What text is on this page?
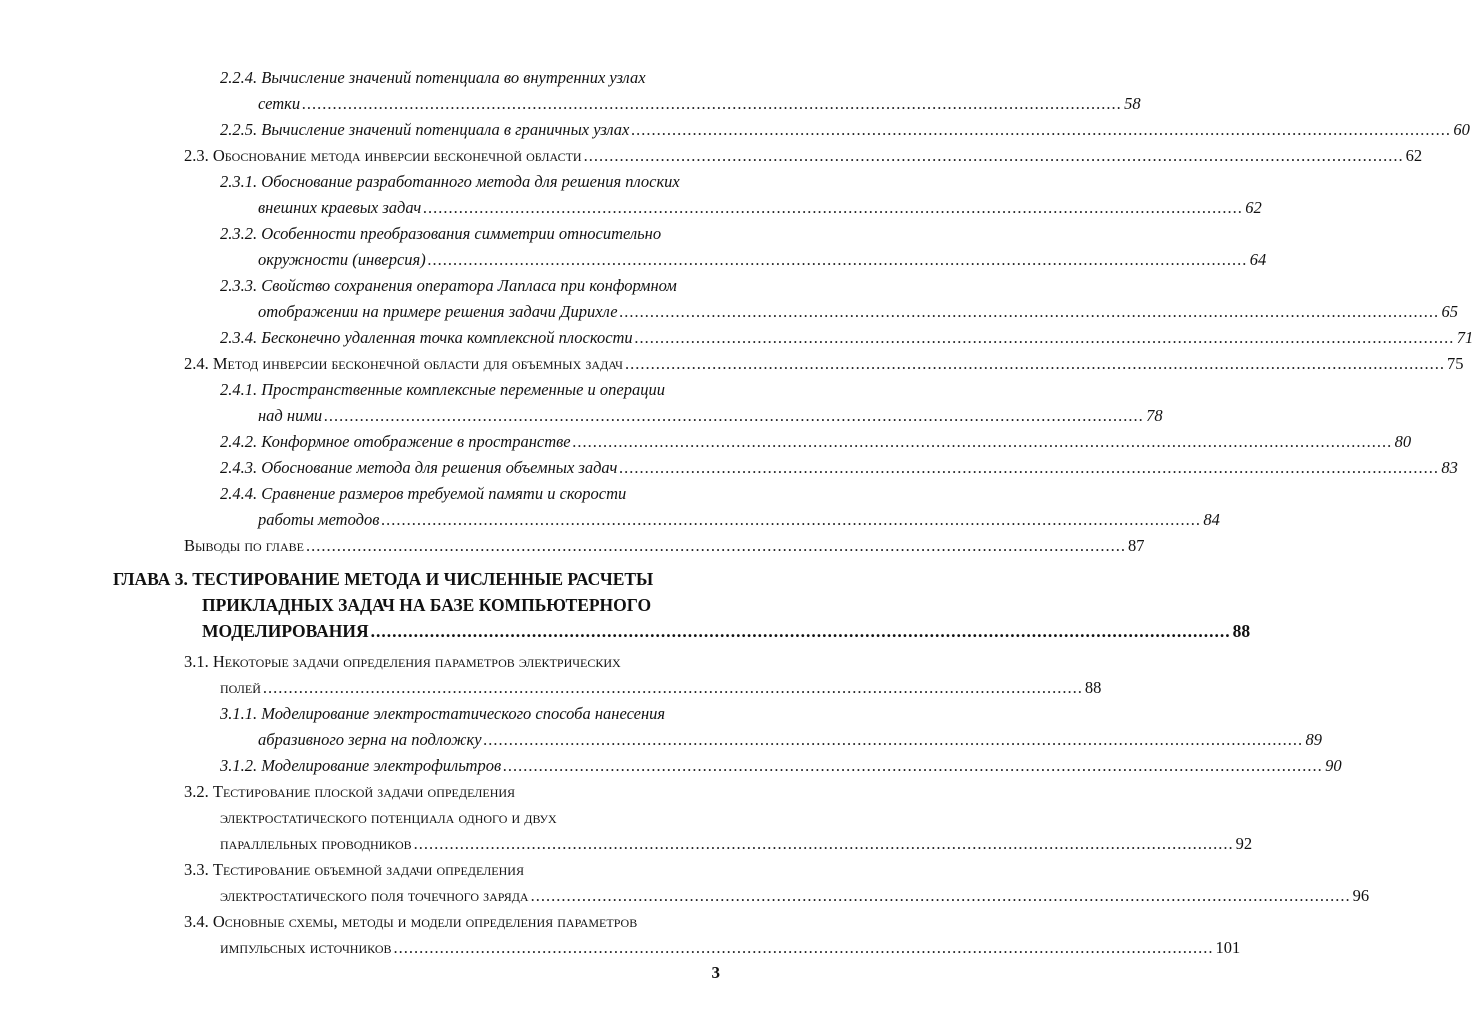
2.2.4. Вычисление значений потенциала во внутренних узлах
сетки ................................................................................................................................................................ 58
2.2.5. Вычисление значений потенциала в граничных узлах ................................................................................................................................................................ 60
2.3. Обоснование метода инверсии бесконечной области ................................................................................................................................................................ 62
2.3.1. Обоснование разработанного метода для решения плоских
внешних краевых задач ................................................................................................................................................................ 62
2.3.2. Особенности преобразования симметрии относительно
окружности (инверсия) ................................................................................................................................................................ 64
2.3.3. Свойство сохранения оператора Лапласа при конформном
отображении на примере решения задачи Дирихле ................................................................................................................................................................ 65
2.3.4. Бесконечно удаленная точка комплексной плоскости ................................................................................................................................................................ 71
2.4. Метод инверсии бесконечной области для объемных задач ................................................................................................................................................................ 75
2.4.1. Пространственные комплексные переменные и операции
над ними ................................................................................................................................................................ 78
2.4.2. Конформное отображение в пространстве ................................................................................................................................................................ 80
2.4.3. Обоснование метода для решения объемных задач ................................................................................................................................................................ 83
2.4.4. Сравнение размеров требуемой памяти и скорости
работы методов ................................................................................................................................................................ 84
Выводы по главе ................................................................................................................................................................ 87
ГЛАВА 3. ТЕСТИРОВАНИЕ МЕТОДА И ЧИСЛЕННЫЕ РАСЧЕТЫ
ПРИКЛАДНЫХ ЗАДАЧ НА БАЗЕ КОМПЬЮТЕРНОГО
МОДЕЛИРОВАНИЯ ................................................................................................................................................................ 88
3.1. Некоторые задачи определения параметров электрических
полей ................................................................................................................................................................ 88
3.1.1. Моделирование электростатического способа нанесения
абразивного зерна на подложку ................................................................................................................................................................ 89
3.1.2. Моделирование электрофильтров ................................................................................................................................................................ 90
3.2. Тестирование плоской задачи определения
электростатического потенциала одного и двух
параллельных проводников ................................................................................................................................................................ 92
3.3. Тестирование объемной задачи определения
электростатического поля точечного заряда ................................................................................................................................................................ 96
3.4. Основные схемы, методы и модели определения параметров
импульсных источников ................................................................................................................................................................ 101
3
